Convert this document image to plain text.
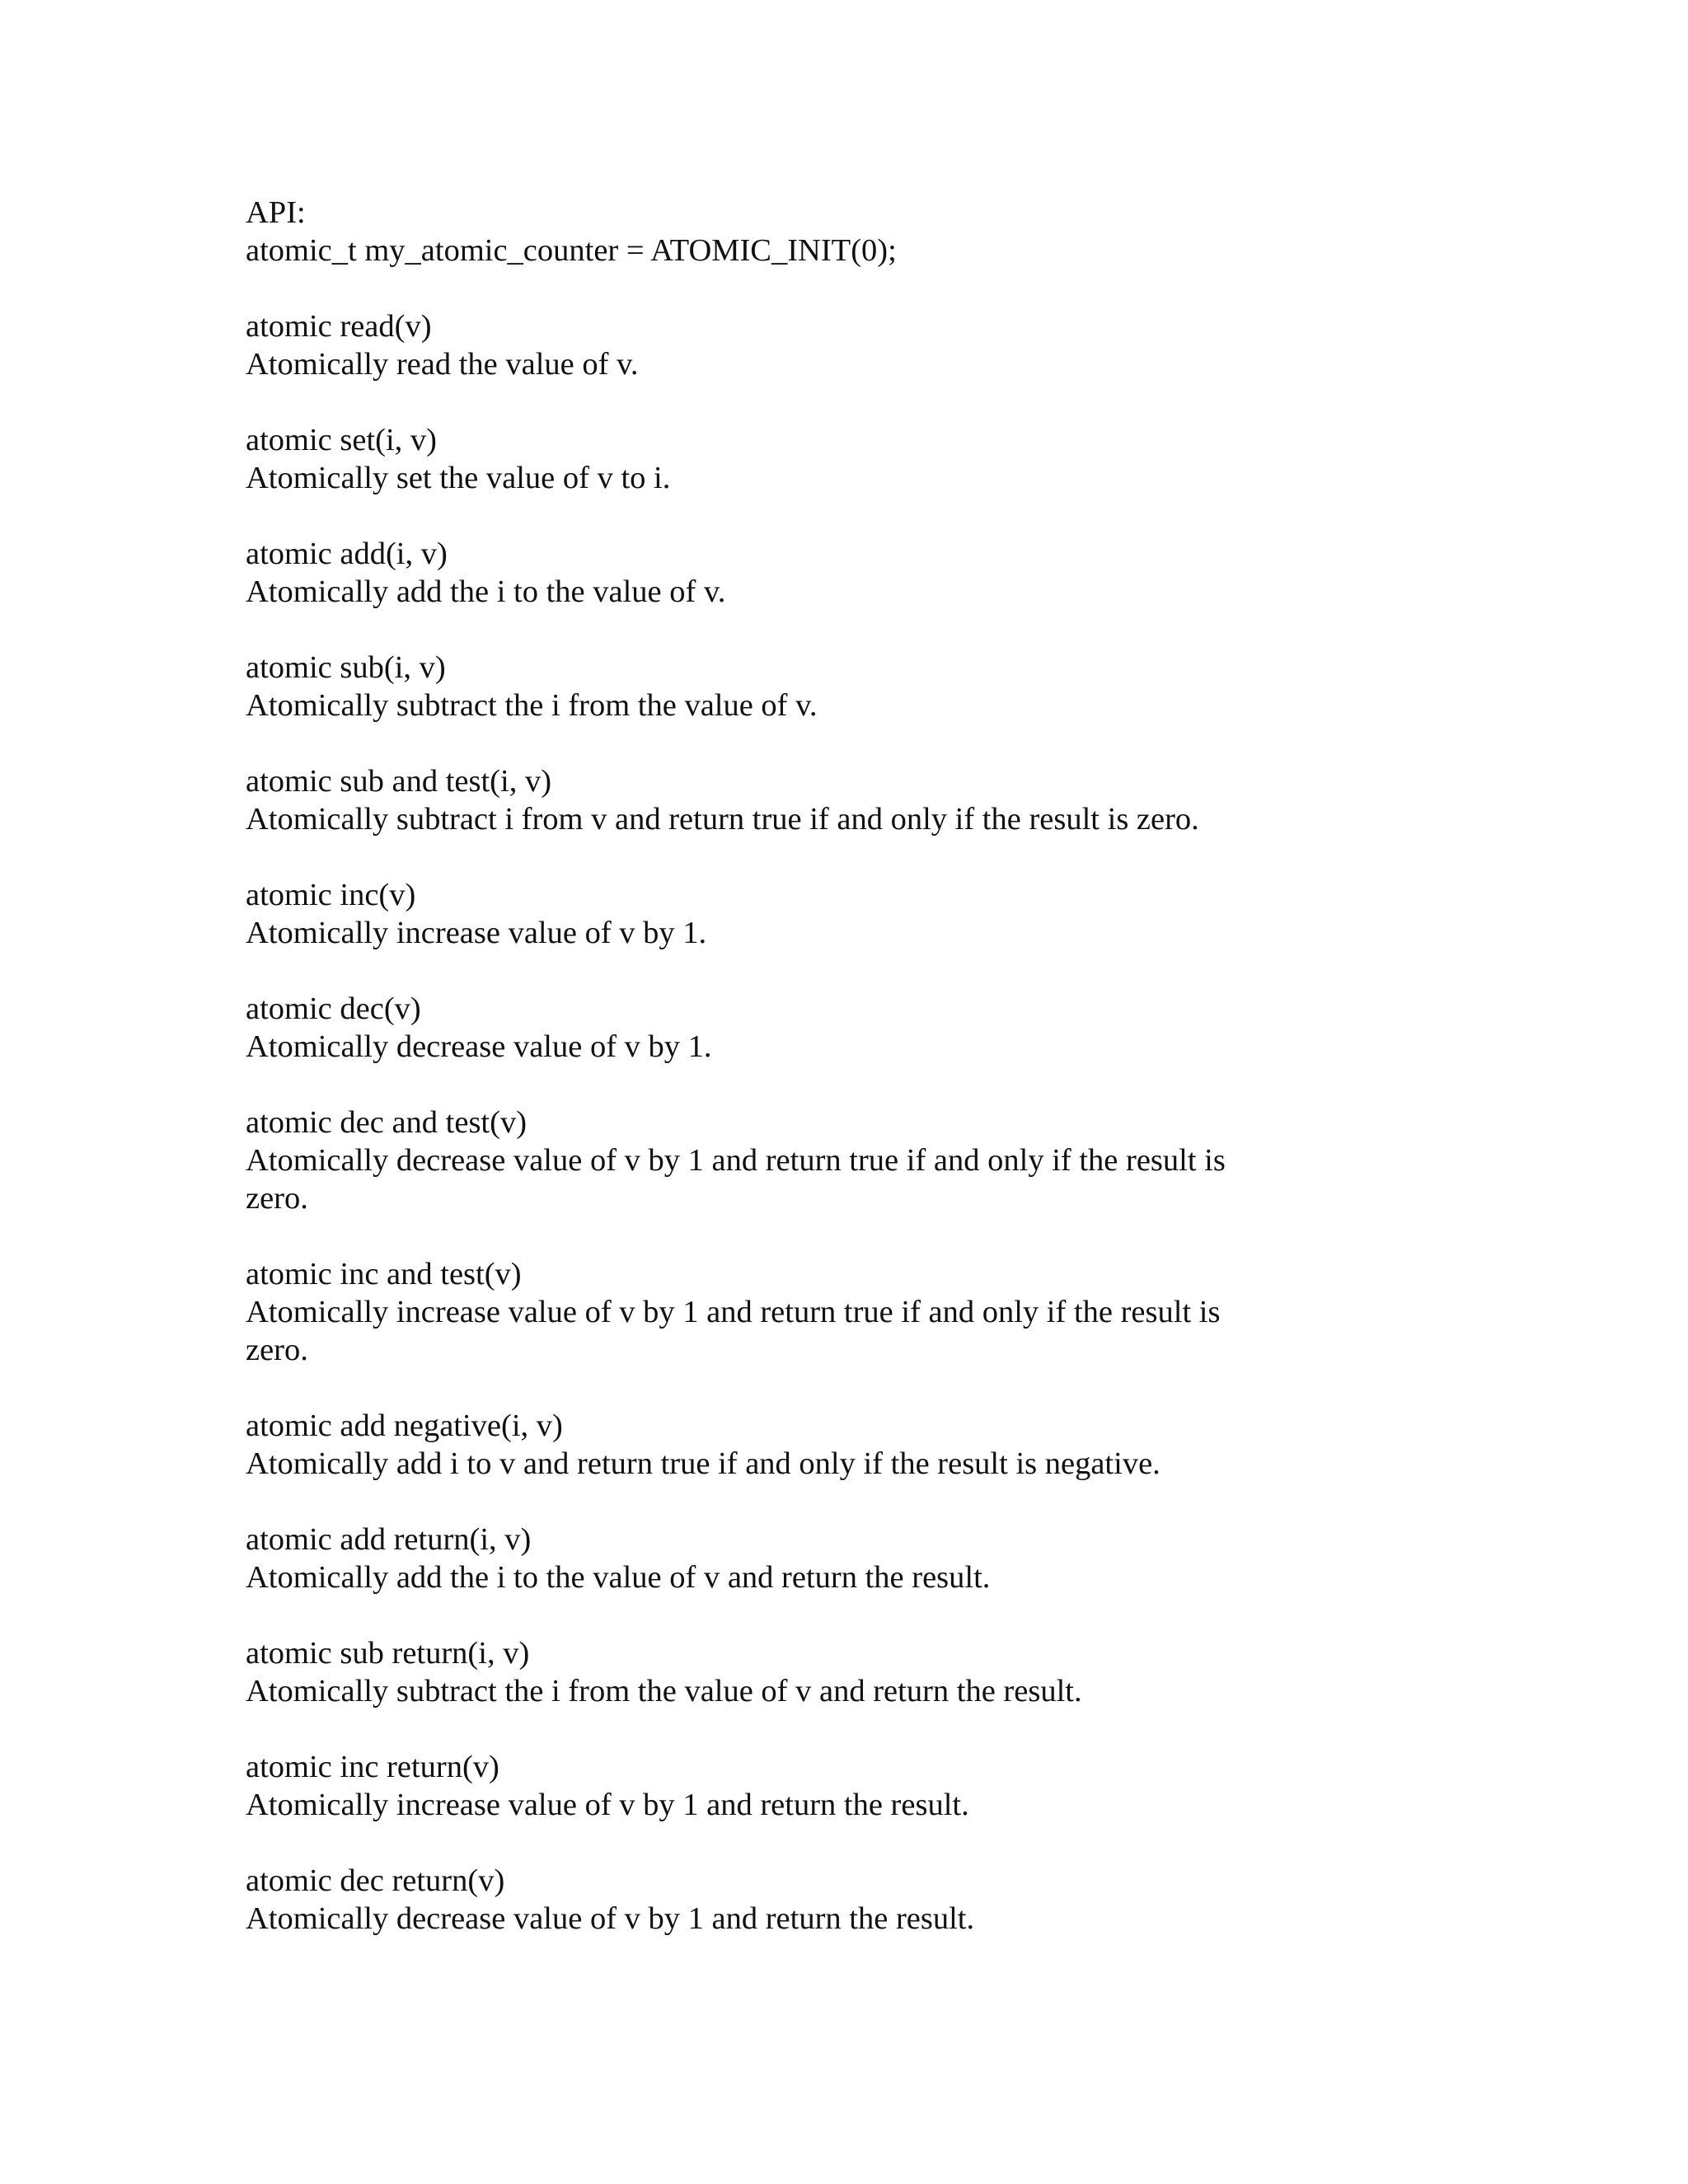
API:
atomic_t my_atomic_counter = ATOMIC_INIT(0);
atomic read(v)
Atomically read the value of v.
atomic set(i, v)
Atomically set the value of v to i.
atomic add(i, v)
Atomically add the i to the value of v.
atomic sub(i, v)
Atomically subtract the i from the value of v.
atomic sub and test(i, v)
Atomically subtract i from v and return true if and only if the result is zero.
atomic inc(v)
Atomically increase value of v by 1.
atomic dec(v)
Atomically decrease value of v by 1.
atomic dec and test(v)
Atomically decrease value of v by 1 and return true if and only if the result is zero.
atomic inc and test(v)
Atomically increase value of v by 1 and return true if and only if the result is zero.
atomic add negative(i, v)
Atomically add i to v and return true if and only if the result is negative.
atomic add return(i, v)
Atomically add the i to the value of v and return the result.
atomic sub return(i, v)
Atomically subtract the i from the value of v and return the result.
atomic inc return(v)
Atomically increase value of v by 1 and return the result.
atomic dec return(v)
Atomically decrease value of v by 1 and return the result.
